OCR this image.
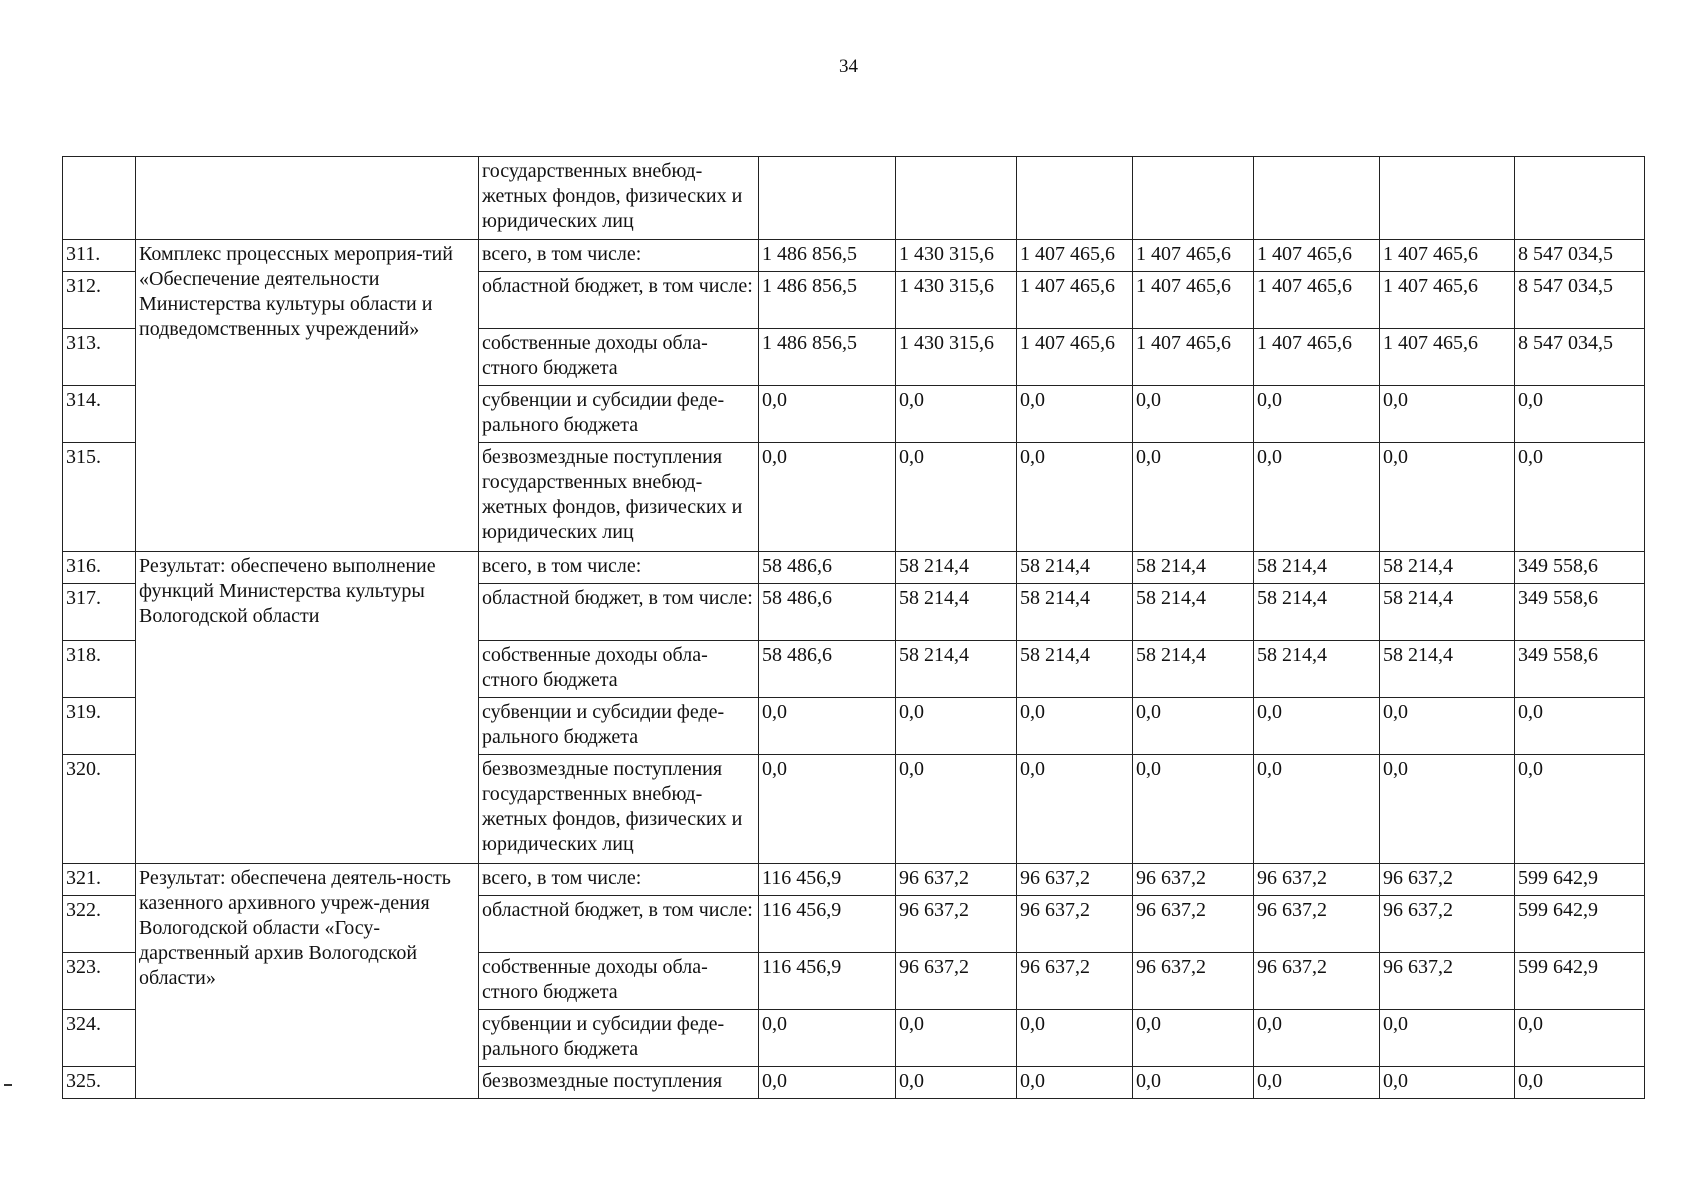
34
		государственных внебюд-жетных фондов, физических и юридических лиц							
311.	Комплекс процессных мероприя-тий «Обеспечение деятельности Министерства культуры области и подведомственных учреждений»	всего, в том числе:	1 486 856,5	1 430 315,6	1 407 465,6	1 407 465,6	1 407 465,6	1 407 465,6	8 547 034,5
312.		областной бюджет, в том числе:	1 486 856,5	1 430 315,6	1 407 465,6	1 407 465,6	1 407 465,6	1 407 465,6	8 547 034,5
313.		собственные доходы обла-стного бюджета	1 486 856,5	1 430 315,6	1 407 465,6	1 407 465,6	1 407 465,6	1 407 465,6	8 547 034,5
314.		субвенции и субсидии феде-рального бюджета	0,0	0,0	0,0	0,0	0,0	0,0	0,0
315.		безвозмездные поступления государственных внебюд-жетных фондов, физических и юридических лиц	0,0	0,0	0,0	0,0	0,0	0,0	0,0
316.	Результат: обеспечено выполнение функций Министерства культуры Вологодской области	всего, в том числе:	58 486,6	58 214,4	58 214,4	58 214,4	58 214,4	58 214,4	349 558,6
317.		областной бюджет, в том числе:	58 486,6	58 214,4	58 214,4	58 214,4	58 214,4	58 214,4	349 558,6
318.		собственные доходы обла-стного бюджета	58 486,6	58 214,4	58 214,4	58 214,4	58 214,4	58 214,4	349 558,6
319.		субвенции и субсидии феде-рального бюджета	0,0	0,0	0,0	0,0	0,0	0,0	0,0
320.		безвозмездные поступления государственных внебюд-жетных фондов, физических и юридических лиц	0,0	0,0	0,0	0,0	0,0	0,0	0,0
321.	Результат: обеспечена деятель-ность казенного архивного учреж-дения Вологодской области «Госу-дарственный архив Вологодской области»	всего, в том числе:	116 456,9	96 637,2	96 637,2	96 637,2	96 637,2	96 637,2	599 642,9
322.		областной бюджет, в том числе:	116 456,9	96 637,2	96 637,2	96 637,2	96 637,2	96 637,2	599 642,9
323.		собственные доходы обла-стного бюджета	116 456,9	96 637,2	96 637,2	96 637,2	96 637,2	96 637,2	599 642,9
324.		субвенции и субсидии феде-рального бюджета	0,0	0,0	0,0	0,0	0,0	0,0	0,0
325.		безвозмездные поступления	0,0	0,0	0,0	0,0	0,0	0,0	0,0
